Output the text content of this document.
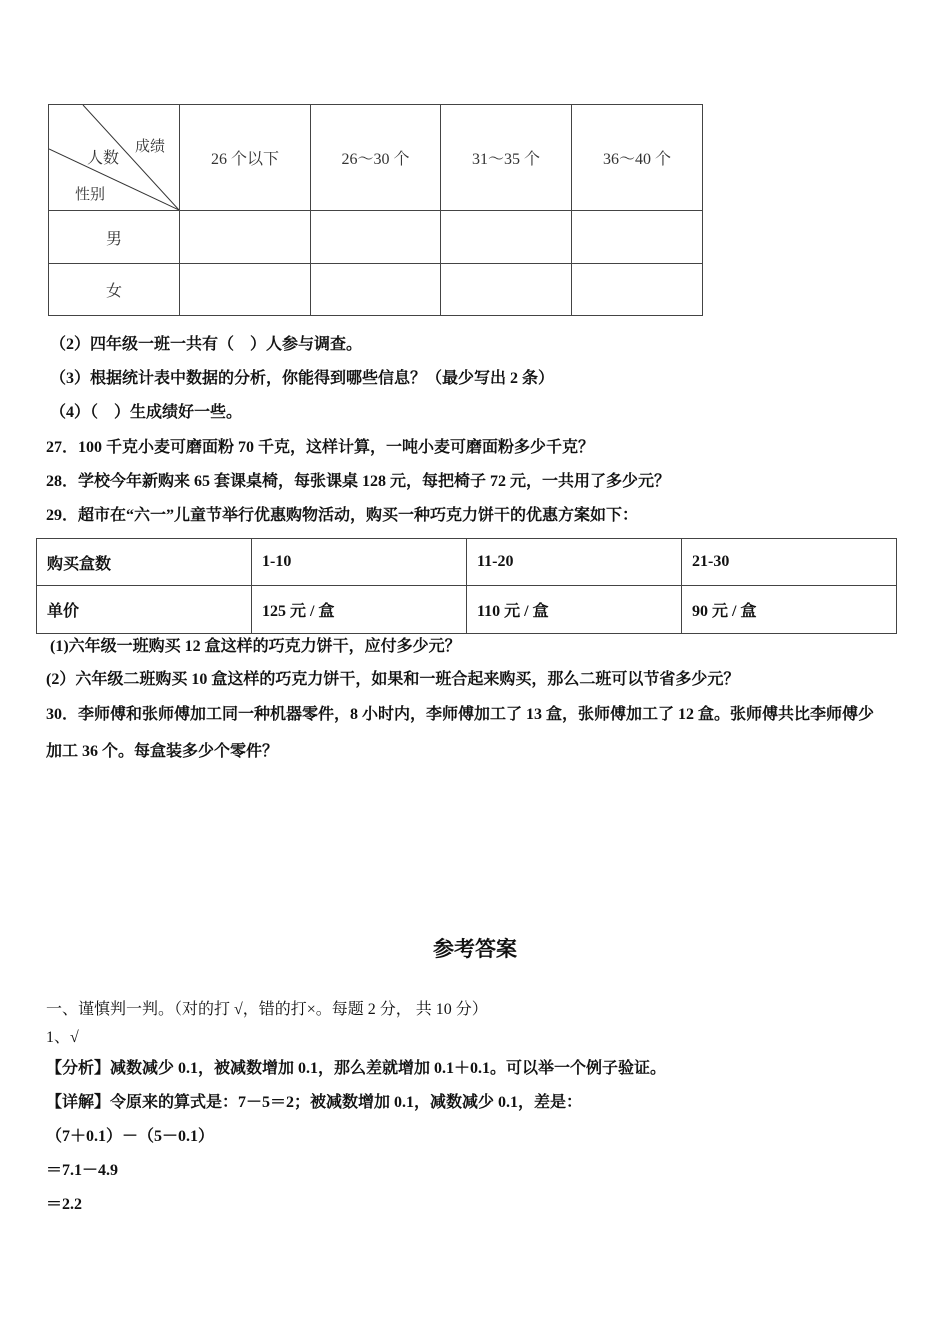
成绩
人数
性别	26 个以下	26～30 个	31～35 个	36～40 个
男				
女				
（2）四年级一班一共有（　）人参与调查。
（3）根据统计表中数据的分析，你能得到哪些信息？（最少写出 2 条）
（4）（　）生成绩好一些。
27．100 千克小麦可磨面粉 70 千克，这样计算，一吨小麦可磨面粉多少千克？
28．学校今年新购来 65 套课桌椅，每张课桌 128 元，每把椅子 72 元，一共用了多少元？
29．超市在“六一”儿童节举行优惠购物活动，购买一种巧克力饼干的优惠方案如下：
购买盒数	1-10	11-20	21-30
单价	125 元 / 盒	110 元 / 盒	90 元 / 盒
(1)六年级一班购买 12 盒这样的巧克力饼干，应付多少元？
(2）六年级二班购买 10 盒这样的巧克力饼干，如果和一班合起来购买，那么二班可以节省多少元？
30．李师傅和张师傅加工同一种机器零件，8 小时内，李师傅加工了 13 盒，张师傅加工了 12 盒。张师傅共比李师傅少
加工 36 个。每盒装多少个零件？
参考答案
一、谨慎判一判。（对的打 √，错的打×。每题 2 分， 共 10 分）
1、√
【分析】减数减少 0.1，被减数增加 0.1，那么差就增加 0.1＋0.1。可以举一个例子验证。
【详解】令原来的算式是：7－5＝2；被减数增加 0.1，减数减少 0.1，差是：
（7＋0.1）－（5－0.1）
＝7.1－4.9
＝2.2
